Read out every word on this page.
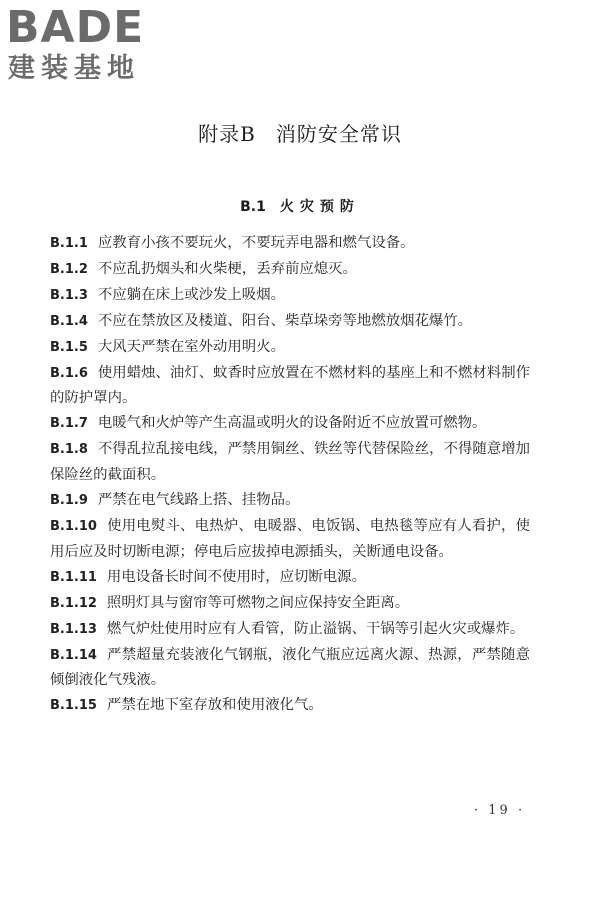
BADE
建装基地
附录B 消防安全常识
B.1 火灾预防

B.1.1 应教育小孩不要玩火，不要玩弄电器和燃气设备。

B.1.2 不应乱扔烟头和火柴梗，丢弃前应熄灭。

B.1.3 不应躺在床上或沙发上吸烟。

B.1.4 不应在禁放区及楼道、阳台、柴草垛旁等地燃放烟花爆竹。

B.1.5 大风天严禁在室外动用明火。

B.1.6 使用蜡烛、油灯、蚊香时应放置在不燃材料的基座上和不燃材料制作的防护罩内。

B.1.7 电暖气和火炉等产生高温或明火的设备附近不应放置可燃物。

B.1.8 不得乱拉乱接电线，严禁用铜丝、铁丝等代替保险丝，不得随意增加保险丝的截面积。

B.1.9 严禁在电气线路上搭、挂物品。

B.1.10 使用电熨斗、电热炉、电暖器、电饭锅、电热毯等应有人看护，使用后应及时切断电源；停电后应拔掉电源插头，关断通电设备。

B.1.11 用电设备长时间不使用时，应切断电源。

B.1.12 照明灯具与窗帘等可燃物之间应保持安全距离。

B.1.13 燃气炉灶使用时应有人看管，防止溢锅、干锅等引起火灾或爆炸。

B.1.14 严禁超量充装液化气钢瓶，液化气瓶应远离火源、热源，严禁随意倾倒液化气残液。

B.1.15 严禁在地下室存放和使用液化气。

· 19 ·
